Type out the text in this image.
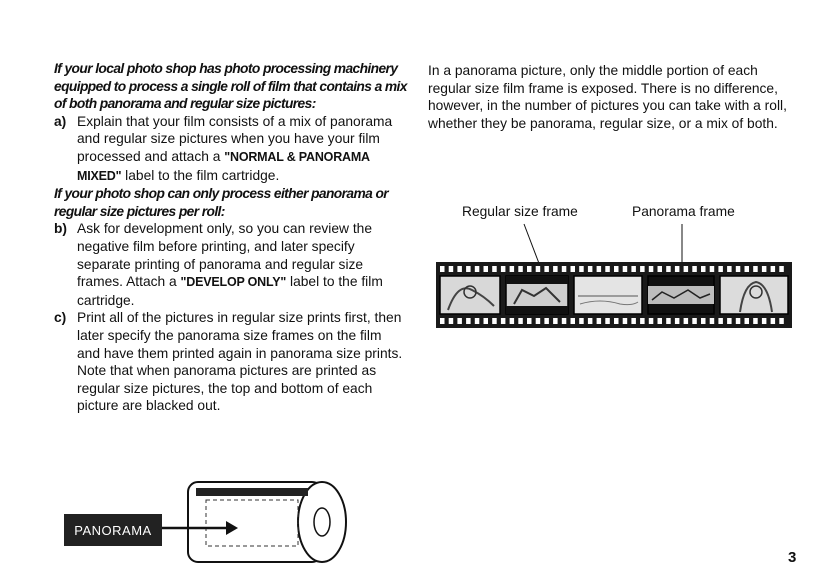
If your local photo shop has photo processing machinery equipped to process a single roll of film that contains a mix of both panorama and regular size pictures:
a) Explain that your film consists of a mix of panorama and regular size pictures when you have your film processed and attach a "NORMAL & PANORAMA MIXED" label to the film cartridge.
If your photo shop can only process either panorama or regular size pictures per roll:
b) Ask for development only, so you can review the negative film before printing, and later specify separate printing of panorama and regular size frames. Attach a "DEVELOP ONLY" label to the film cartridge.
c) Print all of the pictures in regular size prints first, then later specify the panorama size frames on the film and have them printed again in panorama size prints. Note that when panorama pictures are printed as regular size pictures, the top and bottom of each picture are blacked out.
In a panorama picture, only the middle portion of each regular size film frame is exposed. There is no difference, however, in the number of pictures you can take with a roll, whether they be panorama, regular size, or a mix of both.
Regular size frame	Panorama frame
PANORAMA
3
